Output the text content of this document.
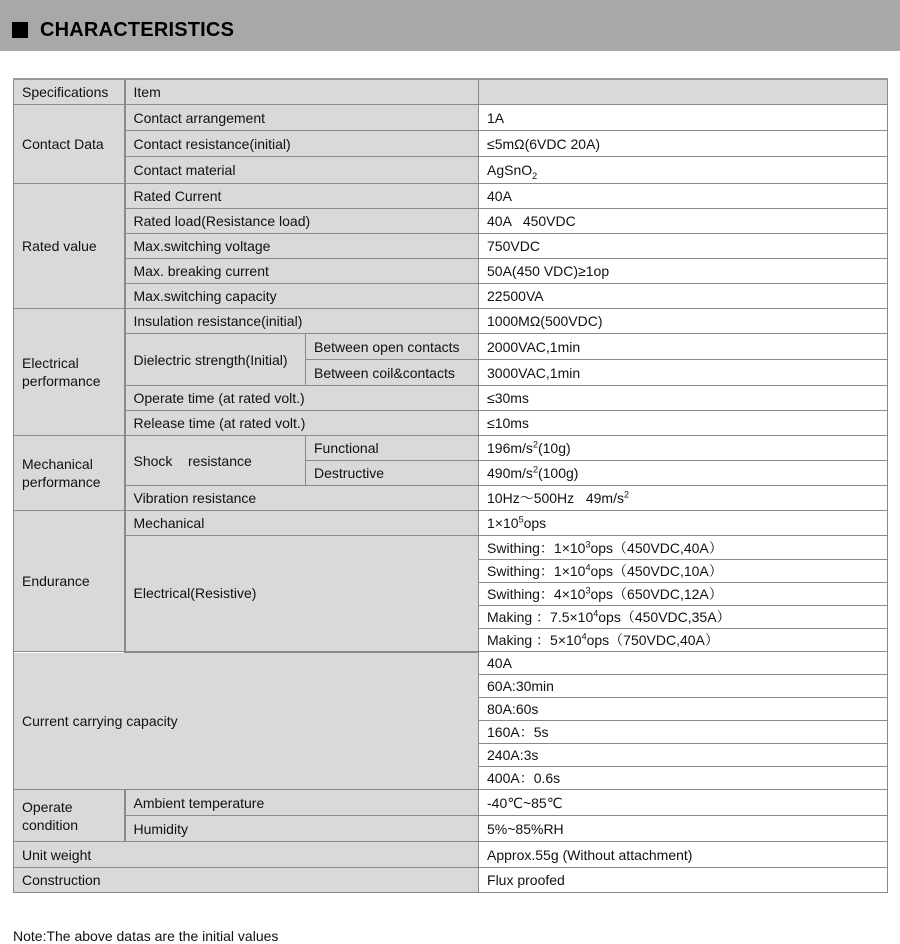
CHARACTERISTICS
Specifications	Item		
Contact Data	Contact arrangement		1A
	Contact resistance(initial)		≤5mΩ(6VDC 20A)
	Contact material		AgSnO$_2$
Rated value	Rated Current		40A
	Rated load(Resistance load)		40A   450VDC
	Max.switching voltage		750VDC
	Max. breaking current		50A(450 VDC)≥1op
	Max.switching capacity		22500VA
Electrical
performance	Insulation resistance(initial)		1000MΩ(500VDC)
	Dielectric strength(Initial)	Between open contacts	2000VAC,1min
		Between coil&contacts	3000VAC,1min
	Operate time (at rated volt.)		≤30ms
	Release time (at rated volt.)		≤10ms
Mechanical
performance	Shock    resistance	Functional	$196m/s^2(10g)$
		Destructive	$490m/s^2(100g)$
	Vibration resistance		10Hz～500Hz   $49m/s^2$
Endurance	Mechanical		$1\times 10^5ops$
	Electrical(Resistive)		Swithing：$1\times 10^3ops(450VDC,40A)$
			Swithing：$1\times 10^4ops(450VDC,10A)$
			Swithing：$4\times 10^3ops(650VDC,12A)$
			Making ：$7.5\times 10^4ops(450VDC,35A)$
			Making ：$5\times 10^4ops(750VDC,40A)$
Current carrying capacity			40A
			60A:30min
			80A:60s
			160A：5s
			240A:3s
			400A：0.6s
Operate
condition	Ambient temperature		-40℃~85℃
	Humidity		5%~85%RH
Unit weight			Approx.55g (Without attachment)
Construction			Flux proofed
Note:The above datas are the initial values
